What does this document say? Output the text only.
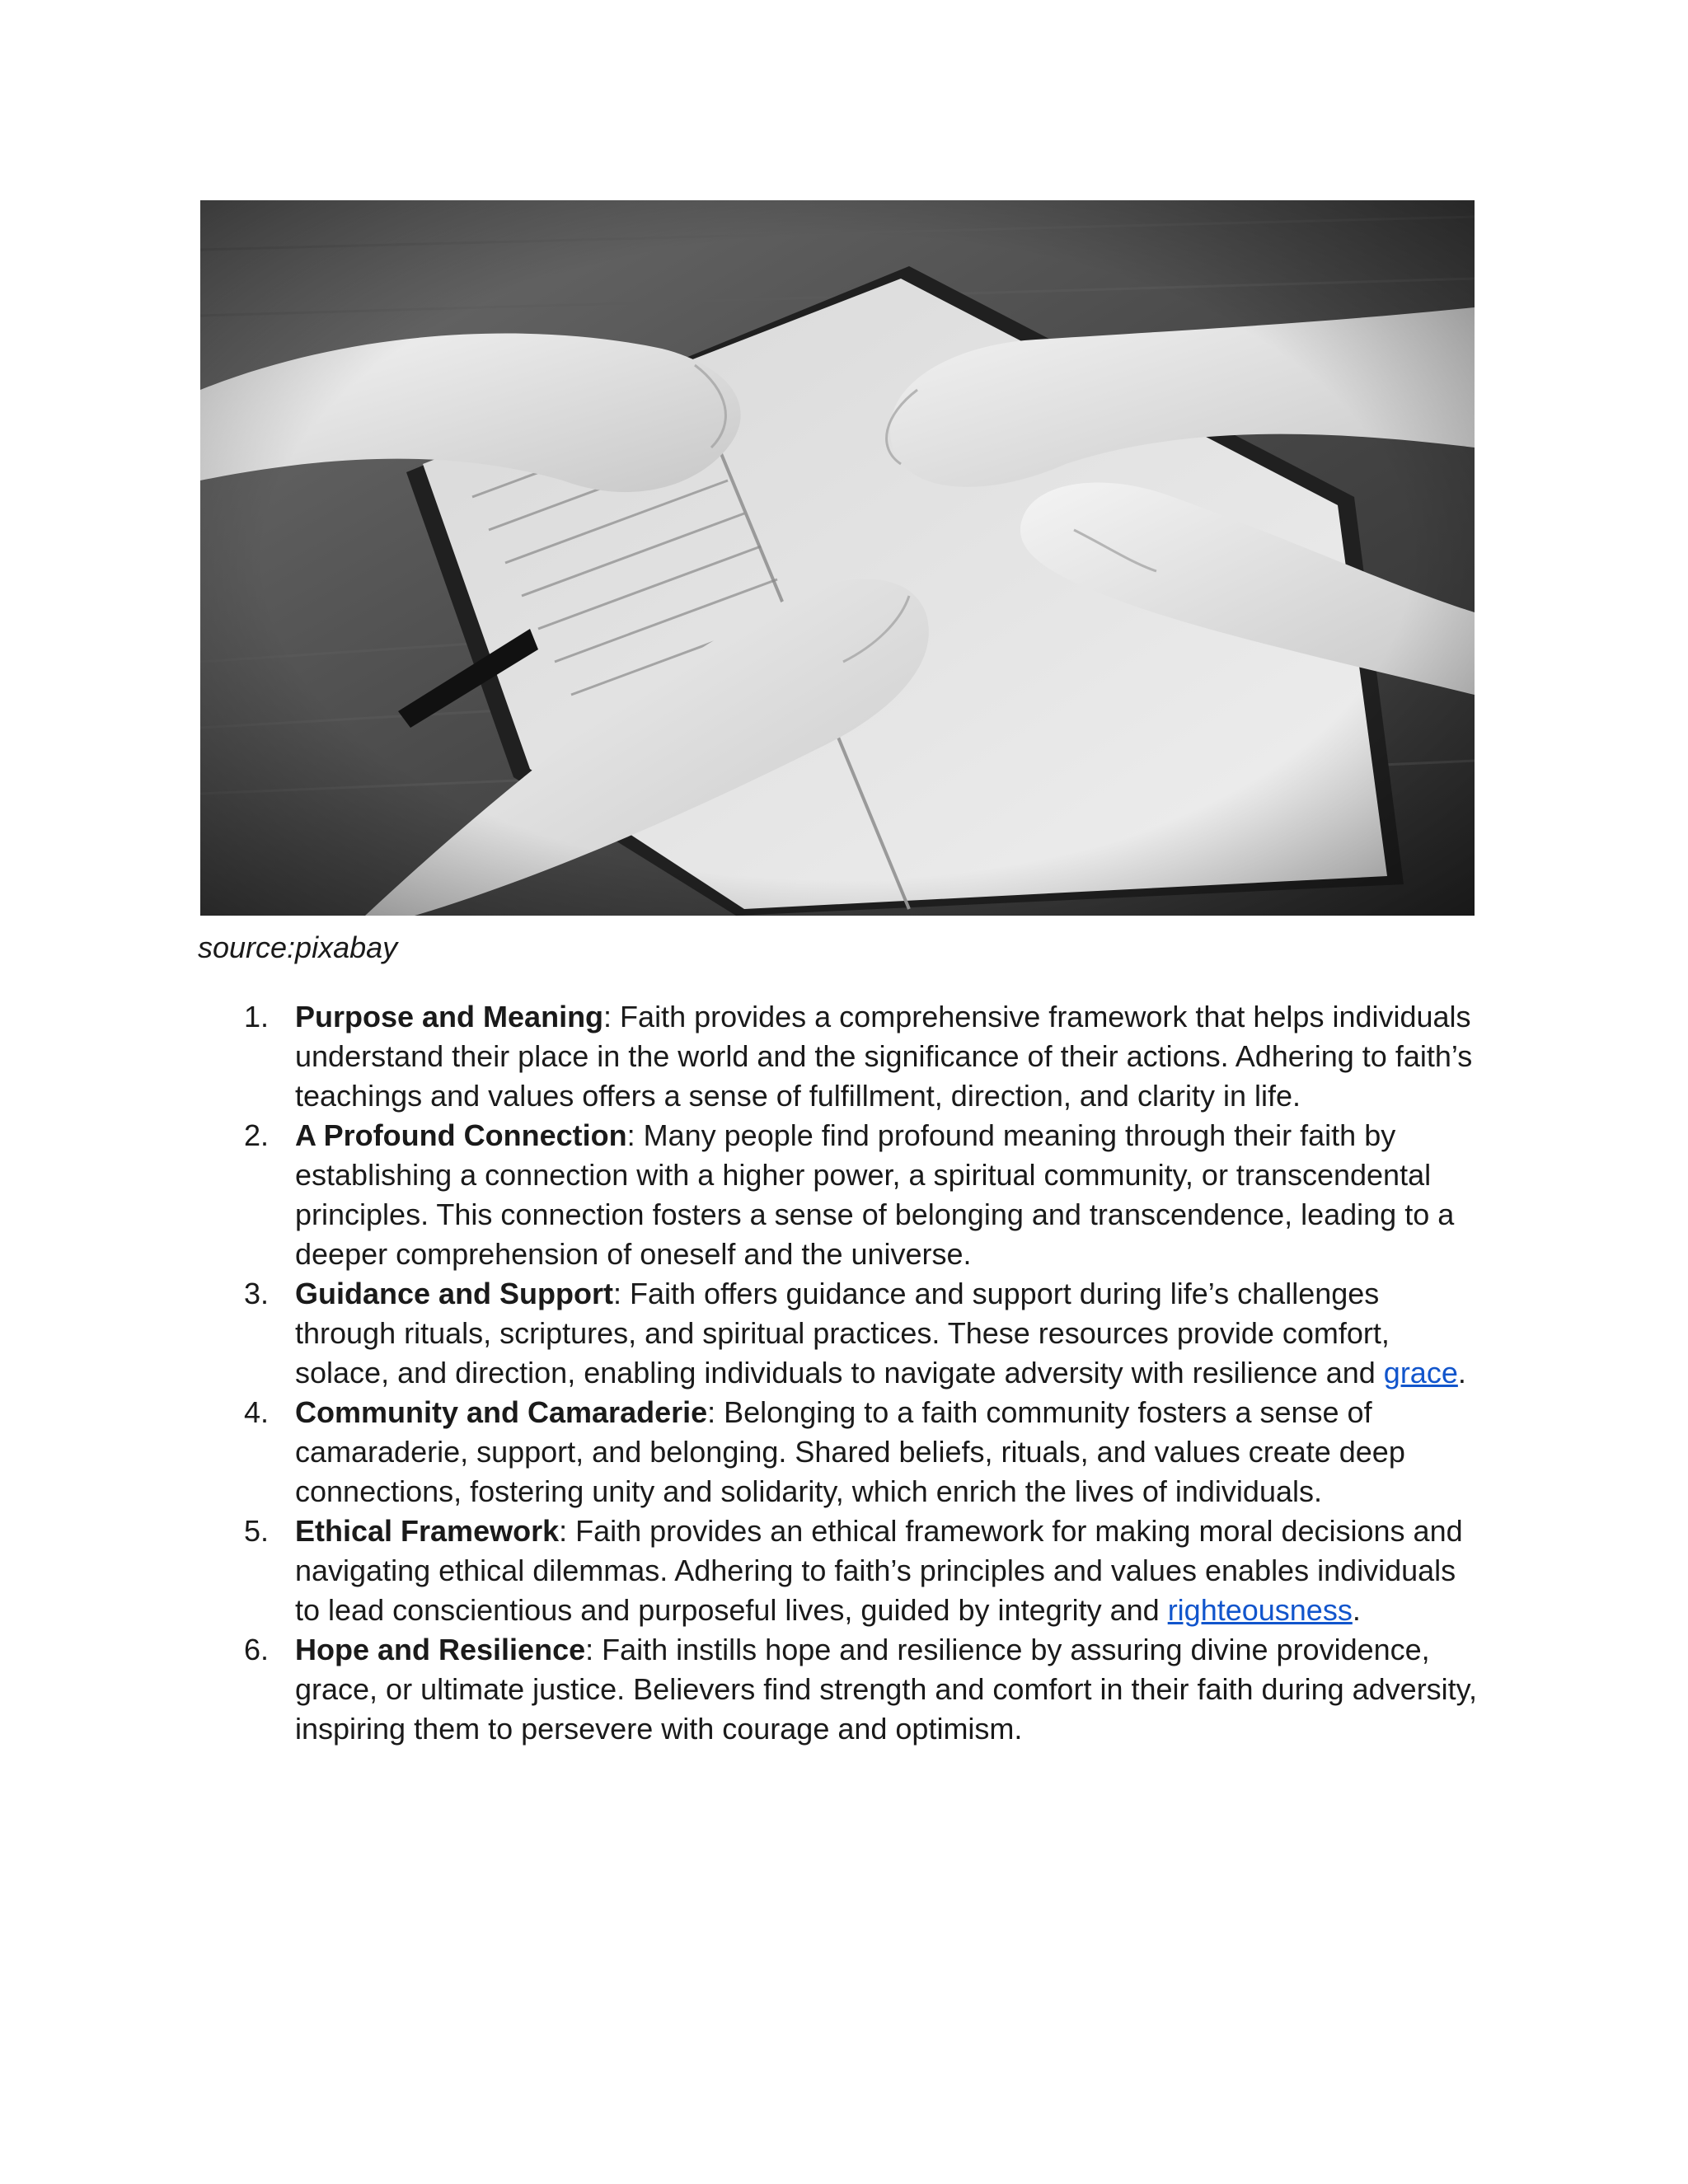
source:pixabay
1. Purpose and Meaning: Faith provides a comprehensive framework that helps individuals understand their place in the world and the significance of their actions. Adhering to faith’s teachings and values offers a sense of fulfillment, direction, and clarity in life.
2. A Profound Connection: Many people find profound meaning through their faith by establishing a connection with a higher power, a spiritual community, or transcendental principles. This connection fosters a sense of belonging and transcendence, leading to a deeper comprehension of oneself and the universe.
3. Guidance and Support: Faith offers guidance and support during life’s challenges through rituals, scriptures, and spiritual practices. These resources provide comfort, solace, and direction, enabling individuals to navigate adversity with resilience and grace.
4. Community and Camaraderie: Belonging to a faith community fosters a sense of camaraderie, support, and belonging. Shared beliefs, rituals, and values create deep connections, fostering unity and solidarity, which enrich the lives of individuals.
5. Ethical Framework: Faith provides an ethical framework for making moral decisions and navigating ethical dilemmas. Adhering to faith’s principles and values enables individuals to lead conscientious and purposeful lives, guided by integrity and righteousness.
6. Hope and Resilience: Faith instills hope and resilience by assuring divine providence, grace, or ultimate justice. Believers find strength and comfort in their faith during adversity, inspiring them to persevere with courage and optimism.
